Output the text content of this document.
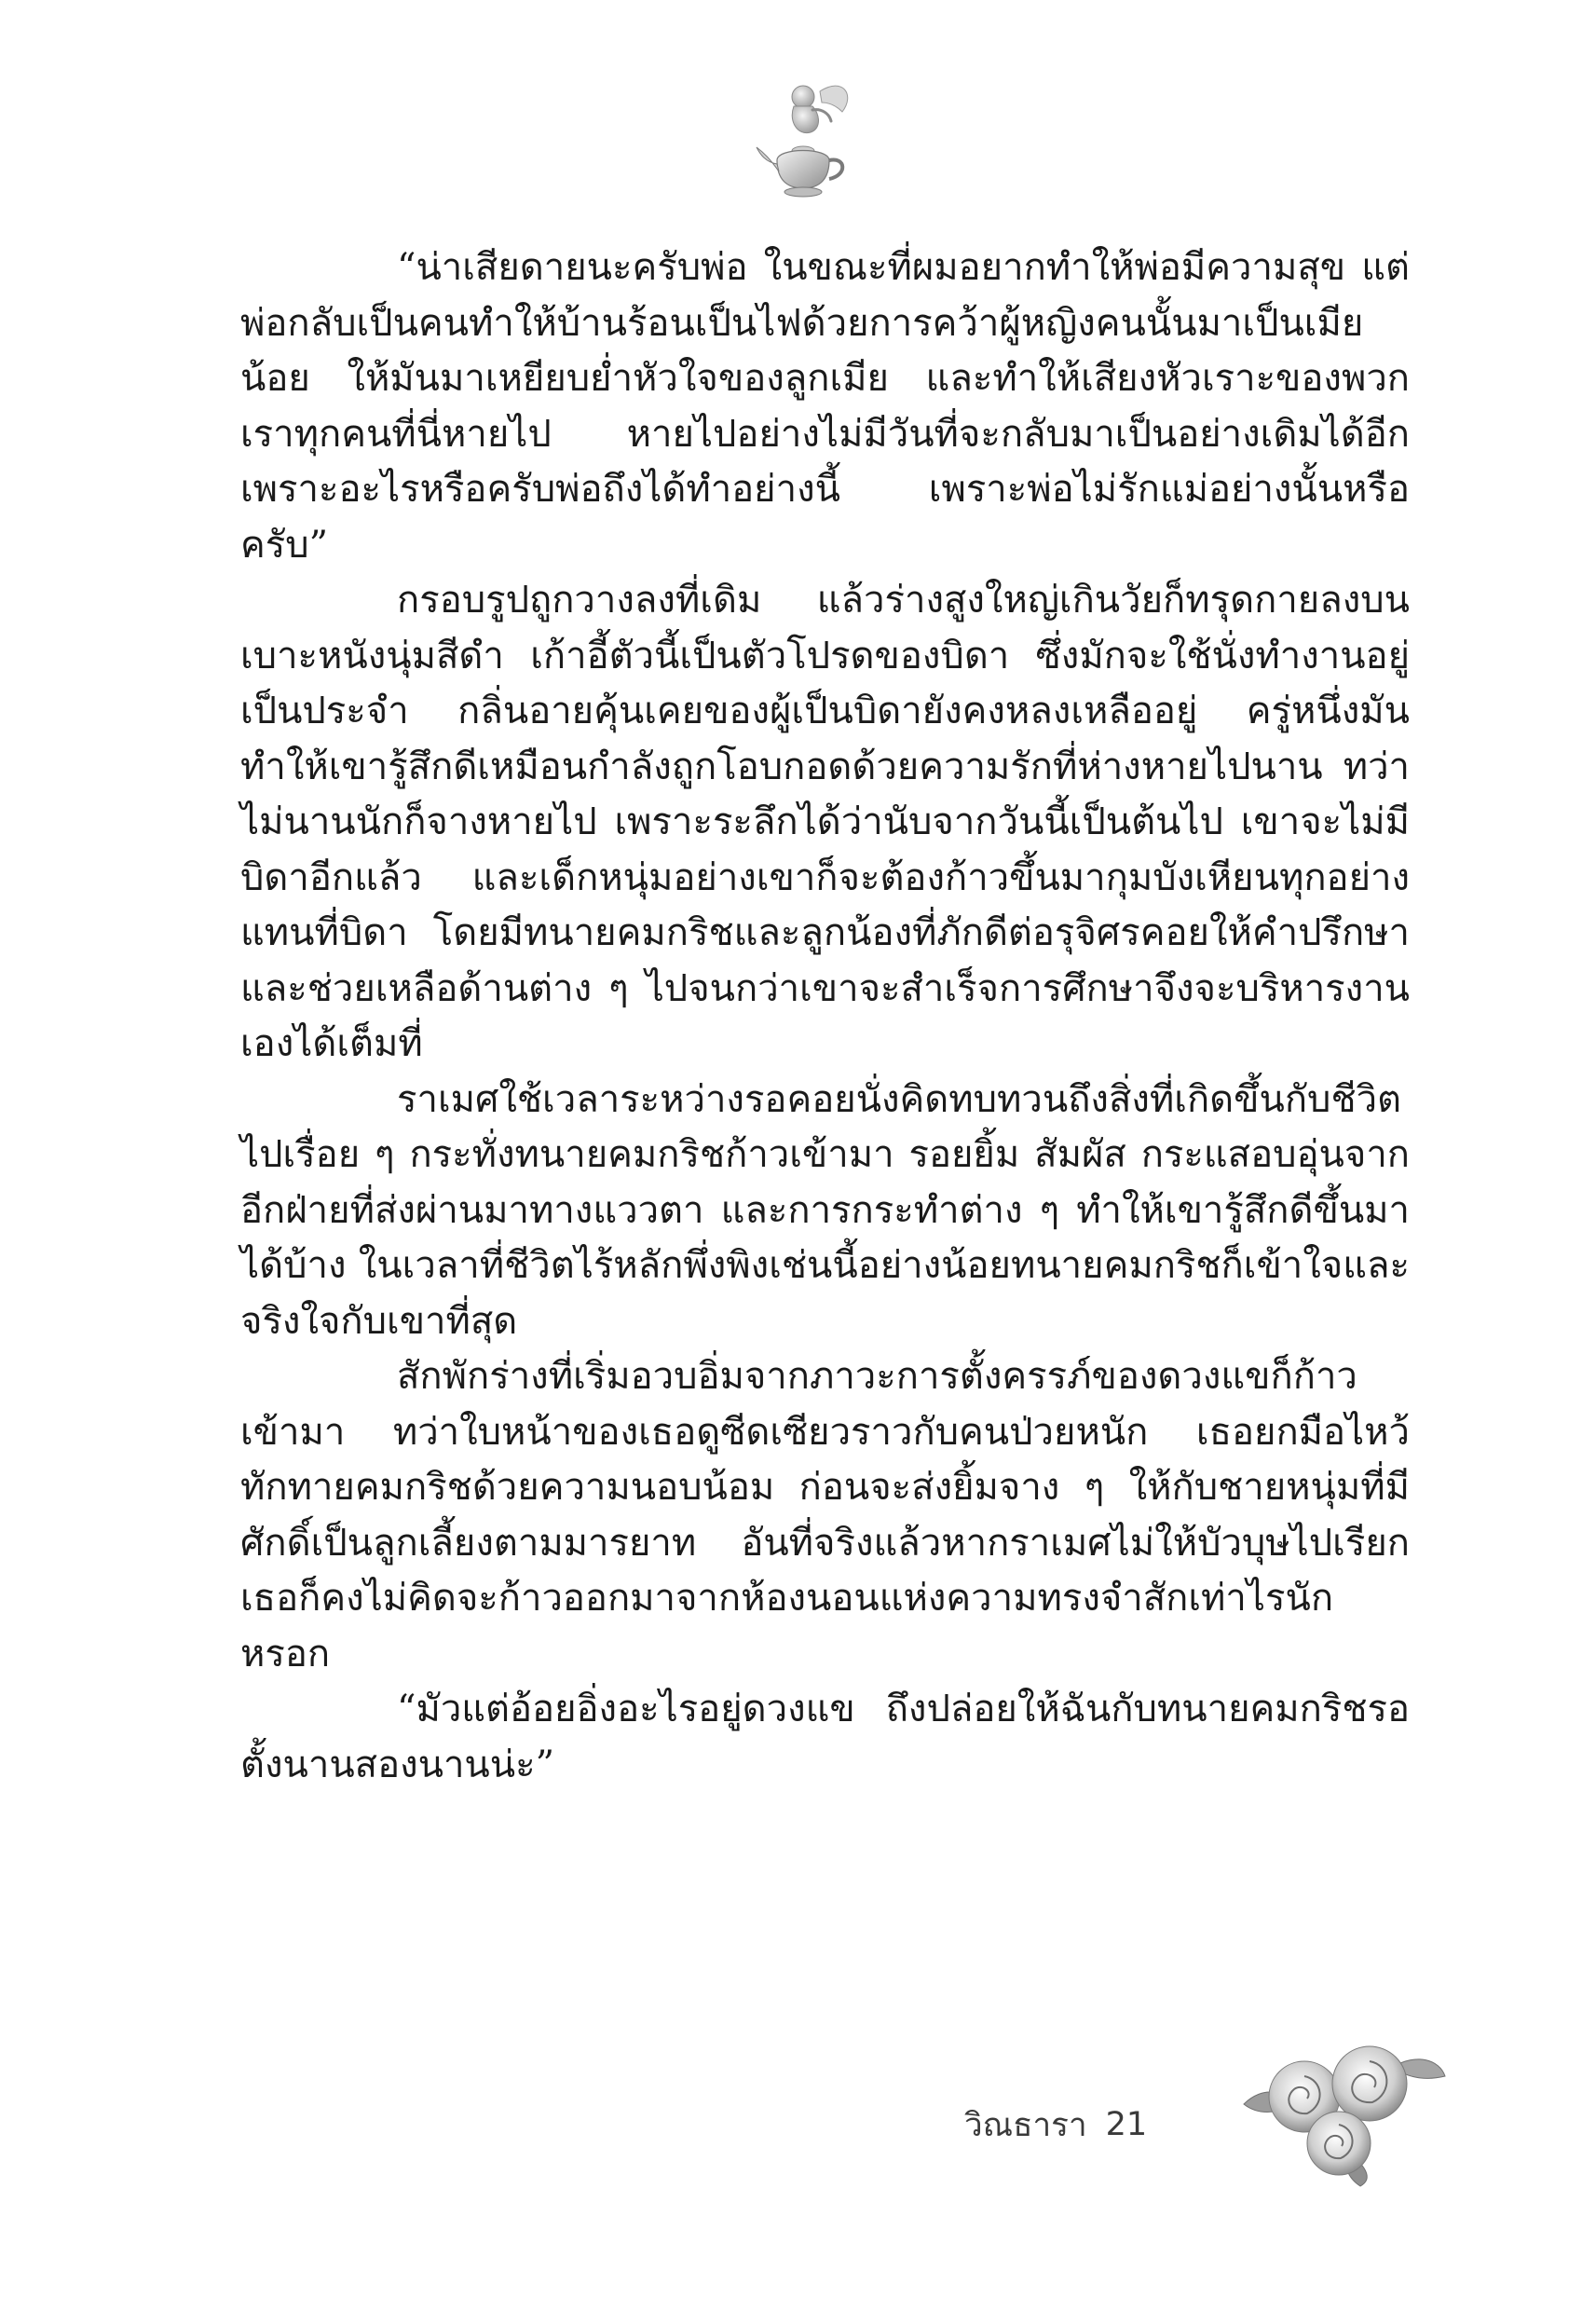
“น่าเสียดายนะครับพ่อ ในขณะที่ผมอยากทำให้พ่อมีความสุข แต่พ่อกลับเป็นคนทำให้บ้านร้อนเป็นไฟด้วยการคว้าผู้หญิงคนนั้นมาเป็นเมียน้อย ให้มันมาเหยียบย่ำหัวใจของลูกเมีย และทำให้เสียงหัวเราะของพวกเราทุกคนที่นี่หายไป หายไปอย่างไม่มีวันที่จะกลับมาเป็นอย่างเดิมได้อีก เพราะอะไรหรือครับพ่อถึงได้ทำอย่างนี้ เพราะพ่อไม่รักแม่อย่างนั้นหรือครับ”

กรอบรูปถูกวางลงที่เดิม แล้วร่างสูงใหญ่เกินวัยก็ทรุดกายลงบนเบาะหนังนุ่มสีดำ เก้าอี้ตัวนี้เป็นตัวโปรดของบิดา ซึ่งมักจะใช้นั่งทำงานอยู่เป็นประจำ กลิ่นอายคุ้นเคยของผู้เป็นบิดายังคงหลงเหลืออยู่ ครู่หนึ่งมันทำให้เขารู้สึกดีเหมือนกำลังถูกโอบกอดด้วยความรักที่ห่างหายไปนาน ทว่าไม่นานนักก็จางหายไป เพราะระลึกได้ว่านับจากวันนี้เป็นต้นไป เขาจะไม่มีบิดาอีกแล้ว และเด็กหนุ่มอย่างเขาก็จะต้องก้าวขึ้นมากุมบังเหียนทุกอย่างแทนที่บิดา โดยมีทนายคมกริชและลูกน้องที่ภักดีต่อรุจิศรคอยให้คำปรึกษา และช่วยเหลือด้านต่าง ๆ ไปจนกว่าเขาจะสำเร็จการศึกษาจึงจะบริหารงานเองได้เต็มที่

ราเมศใช้เวลาระหว่างรอคอยนั่งคิดทบทวนถึงสิ่งที่เกิดขึ้นกับชีวิตไปเรื่อย ๆ กระทั่งทนายคมกริชก้าวเข้ามา รอยยิ้ม สัมผัส กระแสอบอุ่นจากอีกฝ่ายที่ส่งผ่านมาทางแววตา และการกระทำต่าง ๆ ทำให้เขารู้สึกดีขึ้นมาได้บ้าง ในเวลาที่ชีวิตไร้หลักพึ่งพิงเช่นนี้อย่างน้อยทนายคมกริชก็เข้าใจและจริงใจกับเขาที่สุด

สักพักร่างที่เริ่มอวบอิ่มจากภาวะการตั้งครรภ์ของดวงแขก็ก้าวเข้ามา ทว่าใบหน้าของเธอดูซีดเซียวราวกับคนป่วยหนัก เธอยกมือไหว้ทักทายคมกริชด้วยความนอบน้อม ก่อนจะส่งยิ้มจาง ๆ ให้กับชายหนุ่มที่มีศักดิ์เป็นลูกเลี้ยงตามมารยาท อันที่จริงแล้วหากราเมศไม่ให้บัวบุษไปเรียก เธอก็คงไม่คิดจะก้าวออกมาจากห้องนอนแห่งความทรงจำสักเท่าไรนักหรอก

“มัวแต่อ้อยอิ่งอะไรอยู่ดวงแข ถึงปล่อยให้ฉันกับทนายคมกริชรอตั้งนานสองนานน่ะ”

วิณธารา 21
